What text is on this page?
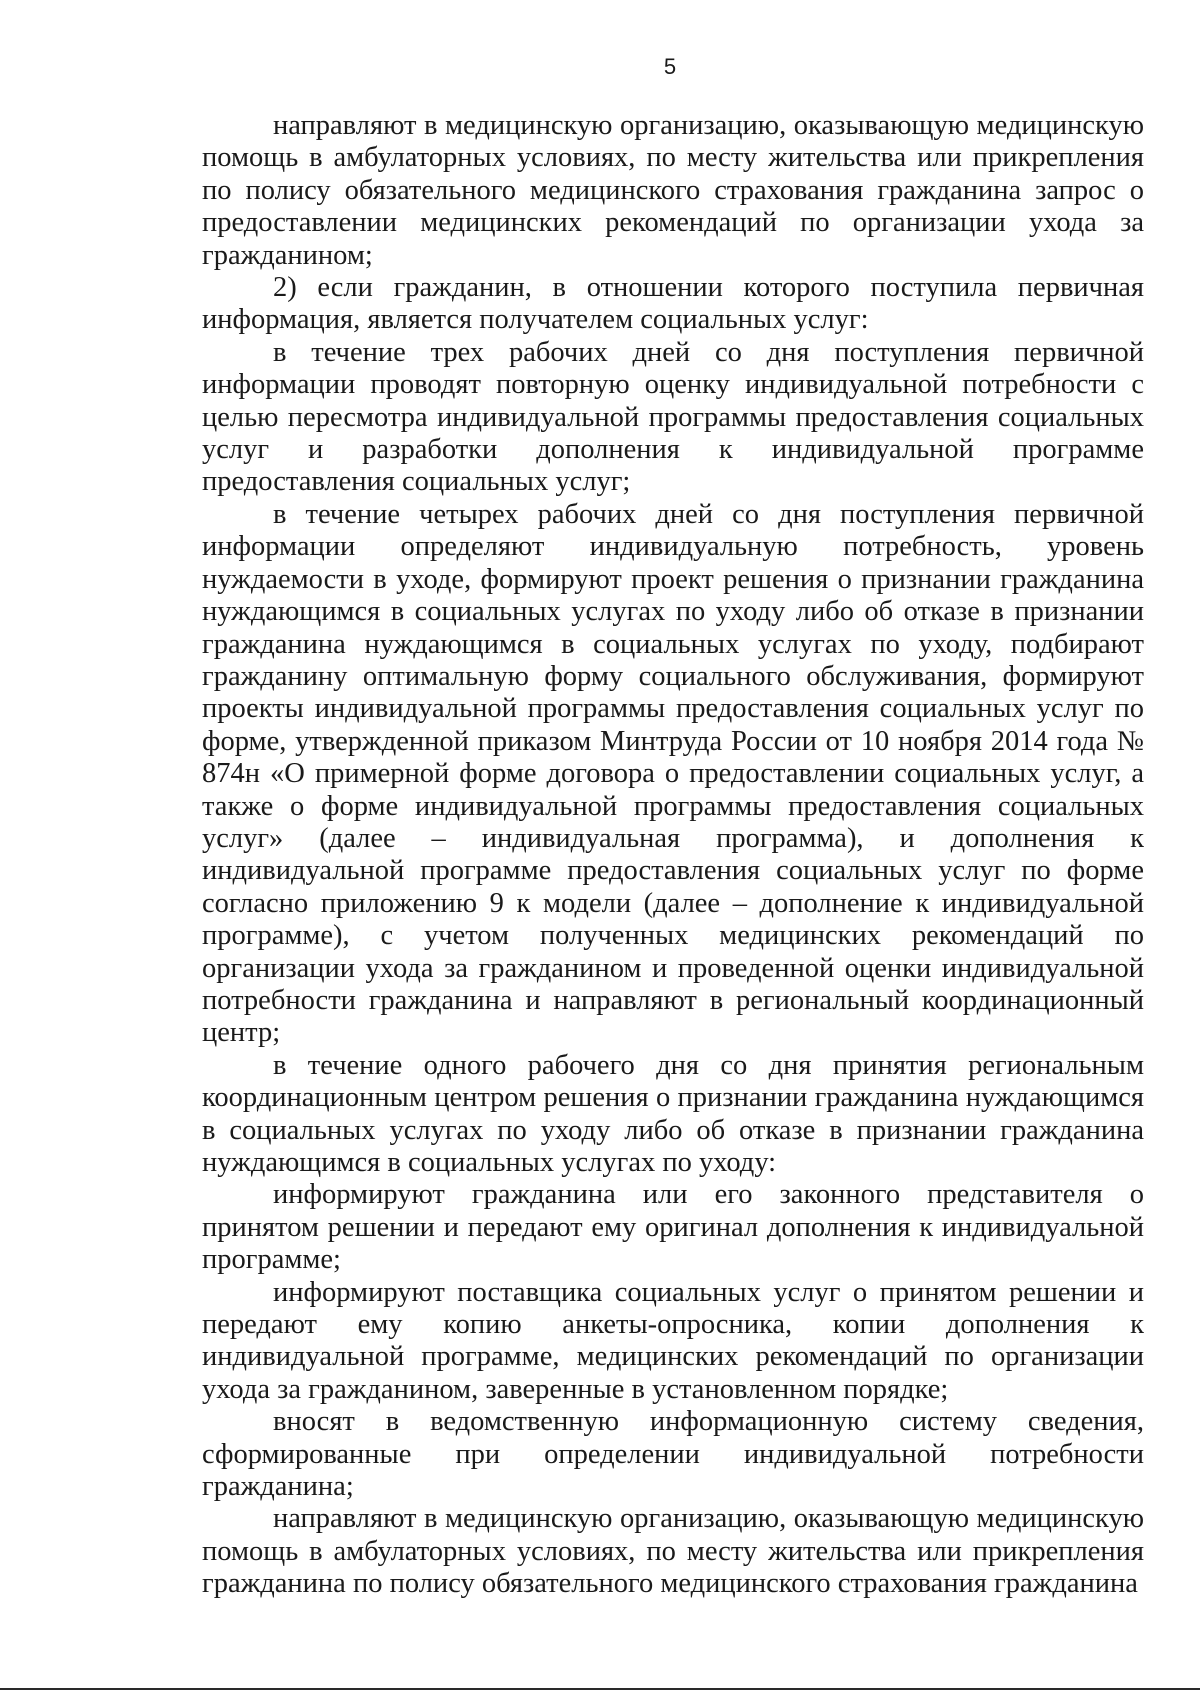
5

направляют в медицинскую организацию, оказывающую медицинскую помощь в амбулаторных условиях, по месту жительства или прикрепления по полису обязательного медицинского страхования гражданина запрос о предоставлении медицинских рекомендаций по организации ухода за гражданином;

2) если гражданин, в отношении которого поступила первичная информация, является получателем социальных услуг:

в течение трех рабочих дней со дня поступления первичной информации проводят повторную оценку индивидуальной потребности с целью пересмотра индивидуальной программы предоставления социальных услуг и разработки дополнения к индивидуальной программе предоставления социальных услуг;

в течение четырех рабочих дней со дня поступления первичной информации определяют индивидуальную потребность, уровень нуждаемости в уходе, формируют проект решения о признании гражданина нуждающимся в социальных услугах по уходу либо об отказе в признании гражданина нуждающимся в социальных услугах по уходу, подбирают гражданину оптимальную форму социального обслуживания, формируют проекты индивидуальной программы предоставления социальных услуг по форме, утвержденной приказом Минтруда России от 10 ноября 2014 года № 874н «О примерной форме договора о предоставлении социальных услуг, а также о форме индивидуальной программы предоставления социальных услуг» (далее – индивидуальная программа), и дополнения к индивидуальной программе предоставления социальных услуг по форме согласно приложению 9 к модели (далее – дополнение к индивидуальной программе), с учетом полученных медицинских рекомендаций по организации ухода за гражданином и проведенной оценки индивидуальной потребности гражданина и направляют в региональный координационный центр;

в течение одного рабочего дня со дня принятия региональным координационным центром решения о признании гражданина нуждающимся в социальных услугах по уходу либо об отказе в признании гражданина нуждающимся в социальных услугах по уходу:

информируют гражданина или его законного представителя о принятом решении и передают ему оригинал дополнения к индивидуальной программе;

информируют поставщика социальных услуг о принятом решении и передают ему копию анкеты-опросника, копии дополнения к индивидуальной программе, медицинских рекомендаций по организации ухода за гражданином, заверенные в установленном порядке;

вносят в ведомственную информационную систему сведения, сформированные при определении индивидуальной потребности гражданина;

направляют в медицинскую организацию, оказывающую медицинскую помощь в амбулаторных условиях, по месту жительства или прикрепления гражданина по полису обязательного медицинского страхования гражданина
